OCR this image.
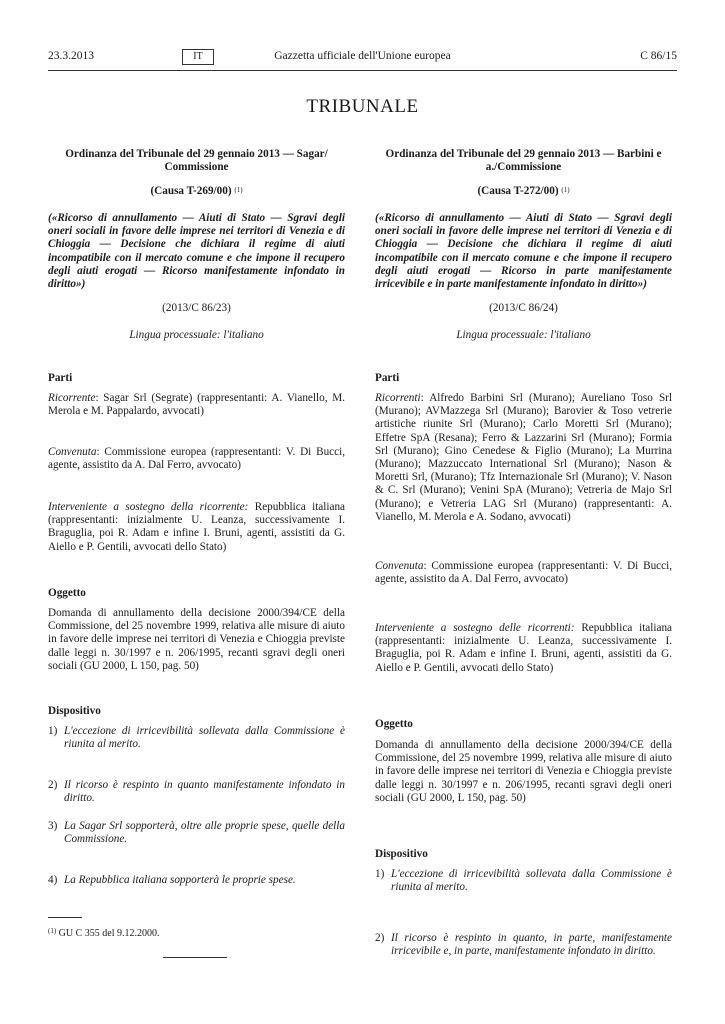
23.3.2013	IT	Gazzetta ufficiale dell'Unione europea	C 86/15
TRIBUNALE

Ordinanza del Tribunale del 29 gennaio 2013 — Sagar/ Commissione

(Causa T-269/00) $^{(1)}$

(«Ricorso di annullamento — Aiuti di Stato — Sgravi degli oneri sociali in favore delle imprese nei territori di Venezia e di Chioggia — Decisione che dichiara il regime di aiuti incompatibile con il mercato comune e che impone il recupero degli aiuti erogati — Ricorso manifestamente infondato in diritto»)

(2013/C 86/23)

Lingua processuale: l'italiano

Parti

Ricorrente: Sagar Srl (Segrate) (rappresentanti: A. Vianello, M. Merola e M. Pappalardo, avvocati)

Convenuta: Commissione europea (rappresentanti: V. Di Bucci, agente, assistito da A. Dal Ferro, avvocato)

Interveniente a sostegno della ricorrente: Repubblica italiana (rappresentanti: inizialmente U. Leanza, successivamente I. Braguglia, poi R. Adam e infine I. Bruni, agenti, assistiti da G. Aiello e P. Gentili, avvocati dello Stato)

Oggetto

Domanda di annullamento della decisione 2000/394/CE della Commissione, del 25 novembre 1999, relativa alle misure di aiuto in favore delle imprese nei territori di Venezia e Chioggia previste dalle leggi n. 30/1997 e n. 206/1995, recanti sgravi degli oneri sociali (GU 2000, L 150, pag. 50)

Dispositivo

1) L'eccezione di irricevibilità sollevata dalla Commissione è riunita al merito.
2) Il ricorso è respinto in quanto manifestamente infondato in diritto.
3) La Sagar Srl sopporterà, oltre alle proprie spese, quelle della Commissione.
4) La Repubblica italiana sopporterà le proprie spese.

Ordinanza del Tribunale del 29 gennaio 2013 — Barbini e a./Commissione

(Causa T-272/00) $^{(1)}$

(«Ricorso di annullamento — Aiuti di Stato — Sgravi degli oneri sociali in favore delle imprese nei territori di Venezia e di Chioggia — Decisione che dichiara il regime di aiuti incompatibile con il mercato comune e che impone il recupero degli aiuti erogati — Ricorso in parte manifestamente irricevibile e in parte manifestamente infondato in diritto»)

(2013/C 86/24)

Lingua processuale: l'italiano

Parti

Ricorrenti: Alfredo Barbini Srl (Murano); Aureliano Toso Srl (Murano); AVMazzega Srl (Murano); Barovier & Toso vetrerie artistiche riunite Srl (Murano); Carlo Moretti Srl (Murano); Effetre SpA (Resana); Ferro & Lazzarini Srl (Murano); Formia Srl (Murano); Gino Cenedese & Figlio (Murano); La Murrina (Murano); Mazzuccato International Srl (Murano); Nason & Moretti Srl, (Murano); Tfz Internazionale Srl (Murano); V. Nason & C. Srl (Murano); Venini SpA (Murano); Vetreria de Majo Srl (Murano); e Vetreria LAG Srl (Murano) (rappresentanti: A. Vianello, M. Merola e A. Sodano, avvocati)

Convenuta: Commissione europea (rappresentanti: V. Di Bucci, agente, assistito da A. Dal Ferro, avvocato)

Interveniente a sostegno delle ricorrenti: Repubblica italiana (rappresentanti: inizialmente U. Leanza, successivamente I. Braguglia, poi R. Adam e infine I. Bruni, agenti, assistiti da G. Aiello e P. Gentili, avvocati dello Stato)

Oggetto

Domanda di annullamento della decisione 2000/394/CE della Commissione, del 25 novembre 1999, relativa alle misure di aiuto in favore delle imprese nei territori di Venezia e Chioggia previste dalle leggi n. 30/1997 e n. 206/1995, recanti sgravi degli oneri sociali (GU 2000, L 150, pag. 50)

Dispositivo

1) L'eccezione di irricevibilità sollevata dalla Commissione è riunita al merito.
2) Il ricorso è respinto in quanto, in parte, manifestamente irricevibile e, in parte, manifestamente infondato in diritto.
$^{(1)}$ GU C 355 del 9.12.2000.
